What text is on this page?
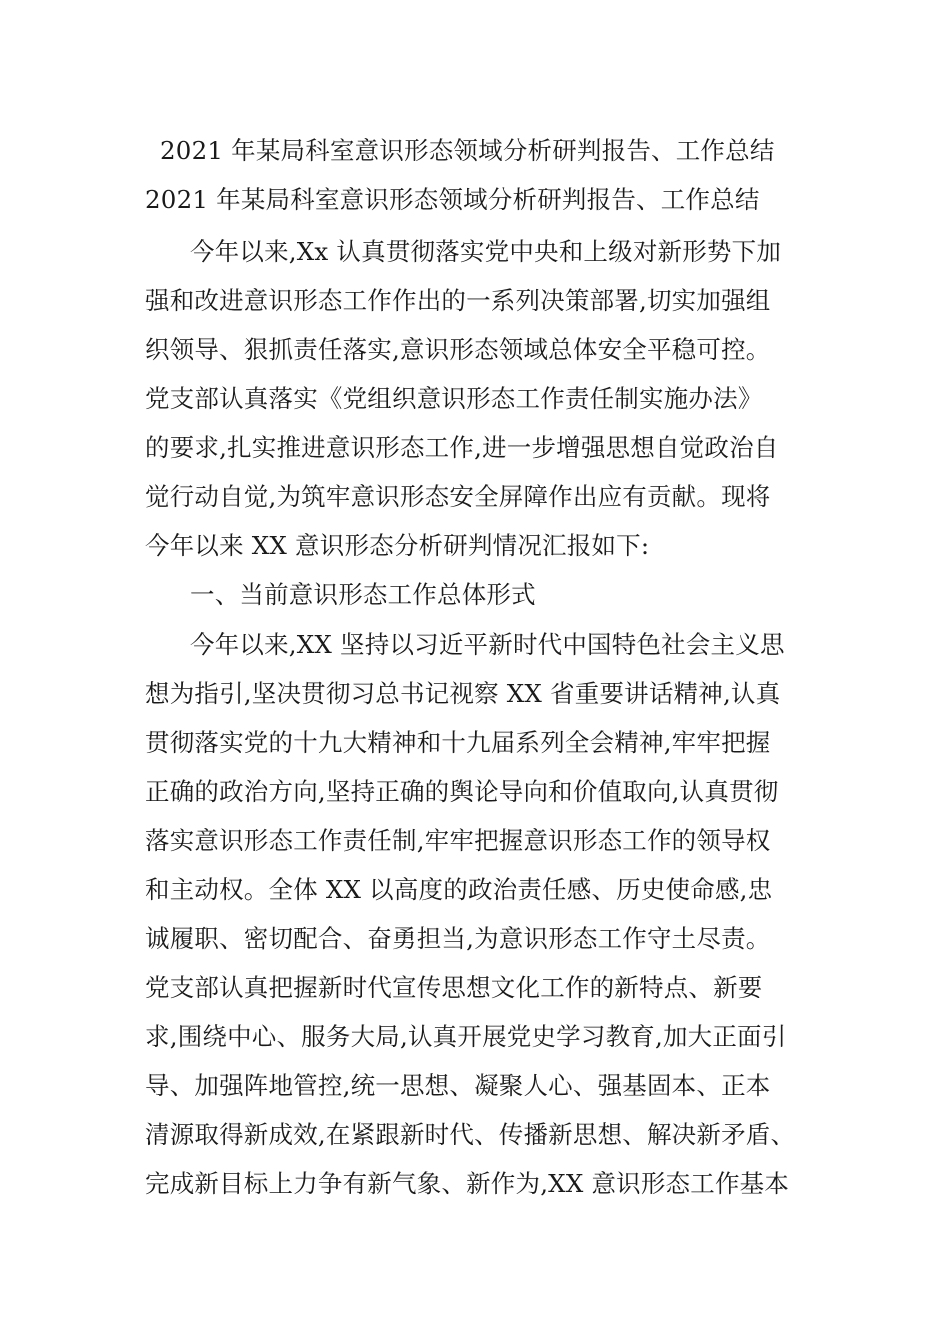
2021 年某局科室意识形态领域分析研判报告、工作总结
2021 年某局科室意识形态领域分析研判报告、工作总结
今年以来,Xx 认真贯彻落实党中央和上级对新形势下加
强和改进意识形态工作作出的一系列决策部署,切实加强组
织领导、狠抓责任落实,意识形态领域总体安全平稳可控。
党支部认真落实《党组织意识形态工作责任制实施办法》
的要求,扎实推进意识形态工作,进一步增强思想自觉政治自
觉行动自觉,为筑牢意识形态安全屏障作出应有贡献。现将
今年以来 XX 意识形态分析研判情况汇报如下:
一、当前意识形态工作总体形式
今年以来,XX 坚持以习近平新时代中国特色社会主义思
想为指引,坚决贯彻习总书记视察 XX 省重要讲话精神,认真
贯彻落实党的十九大精神和十九届系列全会精神,牢牢把握
正确的政治方向,坚持正确的舆论导向和价值取向,认真贯彻
落实意识形态工作责任制,牢牢把握意识形态工作的领导权
和主动权。全体 XX 以高度的政治责任感、历史使命感,忠
诚履职、密切配合、奋勇担当,为意识形态工作守土尽责。
党支部认真把握新时代宣传思想文化工作的新特点、新要
求,围绕中心、服务大局,认真开展党史学习教育,加大正面引
导、加强阵地管控,统一思想、凝聚人心、强基固本、正本
清源取得新成效,在紧跟新时代、传播新思想、解决新矛盾、
完成新目标上力争有新气象、新作为,XX 意识形态工作基本
